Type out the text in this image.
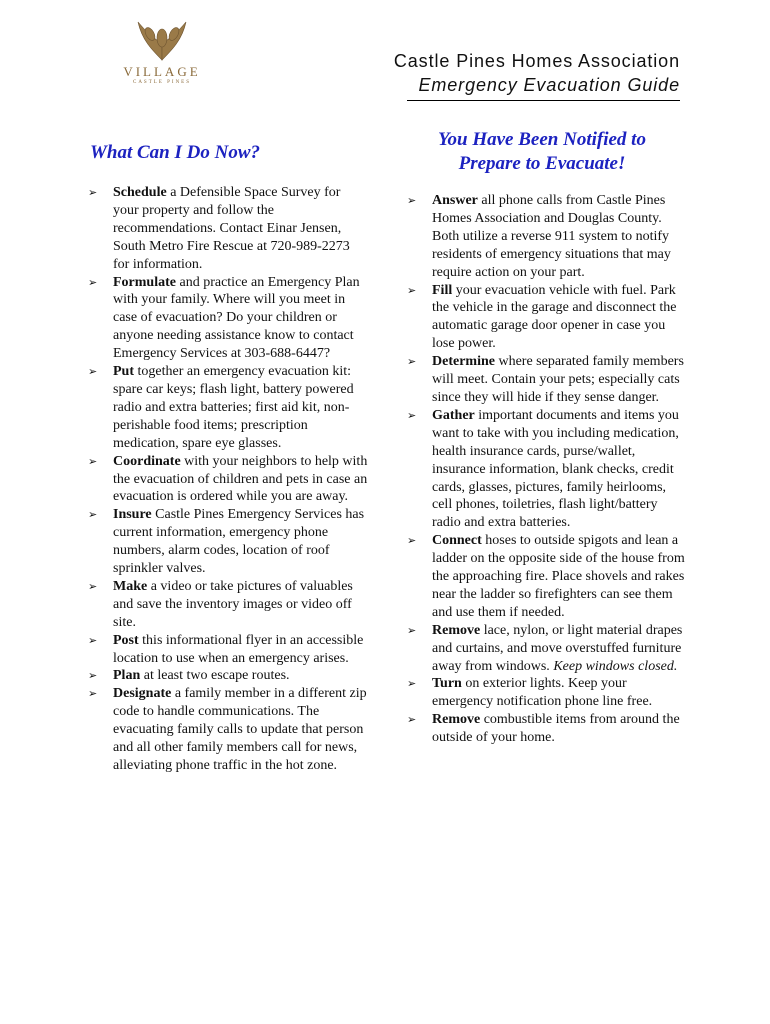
VILLAGE
CASTLE PINES
Castle Pines Homes Association
Emergency Evacuation Guide
What Can I Do Now?
You Have Been Notified to
Prepare to Evacuate!
➢ Schedule a Defensible Space Survey for your property and follow the recommendations. Contact Einar Jensen, South Metro Fire Rescue at 720-989-2273 for information.
➢ Formulate and practice an Emergency Plan with your family. Where will you meet in case of evacuation? Do your children or anyone needing assistance know to contact Emergency Services at 303-688-6447?
➢ Put together an emergency evacuation kit: spare car keys; flash light, battery powered radio and extra batteries; first aid kit, non-perishable food items; prescription medication, spare eye glasses.
➢ Coordinate with your neighbors to help with the evacuation of children and pets in case an evacuation is ordered while you are away.
➢ Insure Castle Pines Emergency Services has current information, emergency phone numbers, alarm codes, location of roof sprinkler valves.
➢ Make a video or take pictures of valuables and save the inventory images or video off site.
➢ Post this informational flyer in an accessible location to use when an emergency arises.
➢ Plan at least two escape routes.
➢ Designate a family member in a different zip code to handle communications. The evacuating family calls to update that person and all other family members call for news, alleviating phone traffic in the hot zone.
➢ Answer all phone calls from Castle Pines Homes Association and Douglas County. Both utilize a reverse 911 system to notify residents of emergency situations that may require action on your part.
➢ Fill your evacuation vehicle with fuel. Park the vehicle in the garage and disconnect the automatic garage door opener in case you lose power.
➢ Determine where separated family members will meet. Contain your pets; especially cats since they will hide if they sense danger.
➢ Gather important documents and items you want to take with you including medication, health insurance cards, purse/wallet, insurance information, blank checks, credit cards, glasses, pictures, family heirlooms, cell phones, toiletries, flash light/battery radio and extra batteries.
➢ Connect hoses to outside spigots and lean a ladder on the opposite side of the house from the approaching fire. Place shovels and rakes near the ladder so firefighters can see them and use them if needed.
➢ Remove lace, nylon, or light material drapes and curtains, and move overstuffed furniture away from windows. Keep windows closed.
➢ Turn on exterior lights. Keep your emergency notification phone line free.
➢ Remove combustible items from around the outside of your home.
